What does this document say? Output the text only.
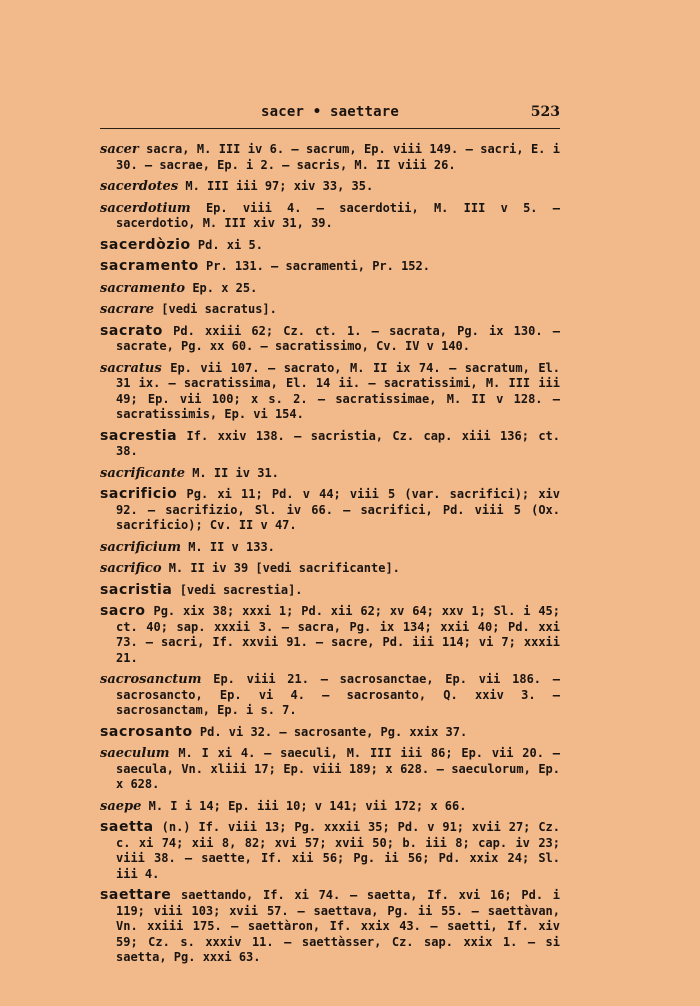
sacer • saettare	523

sacer sacra, M. III iv 6. – sacrum, Ep. viii 149. – sacri, E. i 30. – sacrae, Ep. i 2. – sacris, M. II viii 26.

sacerdotes M. III iii 97; xiv 33, 35.

sacerdotium Ep. viii 4. – sacerdotii, M. III v 5. – sacerdotio, M. III xiv 31, 39.

sacerdòzio Pd. xi 5.

sacramento Pr. 131. – sacramenti, Pr. 152.

sacramento Ep. x 25.

sacrare [vedi sacratus].

sacrato Pd. xxiii 62; Cz. ct. 1. – sacrata, Pg. ix 130. – sacrate, Pg. xx 60. – sacratissimo, Cv. IV v 140.

sacratus Ep. vii 107. – sacrato, M. II ix 74. – sacratum, El. 31 ix. – sacratissima, El. 14 ii. – sacratissimi, M. III iii 49; Ep. vii 100; x s. 2. – sacratissimae, M. II v 128. – sacratissimis, Ep. vi 154.

sacrestia If. xxiv 138. – sacristia, Cz. cap. xiii 136; ct. 38.

sacrificante M. II iv 31.

sacrificio Pg. xi 11; Pd. v 44; viii 5 (var. sacrifici); xiv 92. – sacrifizio, Sl. iv 66. – sacrifici, Pd. viii 5 (Ox. sacrificio); Cv. II v 47.

sacrificium M. II v 133.

sacrifico M. II iv 39 [vedi sacrificante].

sacristia [vedi sacrestia].

sacro Pg. xix 38; xxxi 1; Pd. xii 62; xv 64; xxv 1; Sl. i 45; ct. 40; sap. xxxii 3. – sacra, Pg. ix 134; xxii 40; Pd. xxi 73. – sacri, If. xxvii 91. – sacre, Pd. iii 114; vi 7; xxxii 21.

sacrosanctum Ep. viii 21. – sacrosanctae, Ep. vii 186. – sacrosancto, Ep. vi 4. – sacrosanto, Q. xxiv 3. – sacrosanctam, Ep. i s. 7.

sacrosanto Pd. vi 32. – sacrosante, Pg. xxix 37.

saeculum M. I xi 4. – saeculi, M. III iii 86; Ep. vii 20. – saecula, Vn. xliii 17; Ep. viii 189; x 628. – saeculorum, Ep. x 628.

saepe M. I i 14; Ep. iii 10; v 141; vii 172; x 66.

saetta (n.) If. viii 13; Pg. xxxii 35; Pd. v 91; xvii 27; Cz. c. xi 74; xii 8, 82; xvi 57; xvii 50; b. iii 8; cap. iv 23; viii 38. – saette, If. xii 56; Pg. ii 56; Pd. xxix 24; Sl. iii 4.

saettare saettando, If. xi 74. – saetta, If. xvi 16; Pd. i 119; viii 103; xvii 57. – saettava, Pg. ii 55. – saettàvan, Vn. xxiii 175. – saettàron, If. xxix 43. – saetti, If. xiv 59; Cz. s. xxxiv 11. – saettàsser, Cz. sap. xxix 1. – si saetta, Pg. xxxi 63.
